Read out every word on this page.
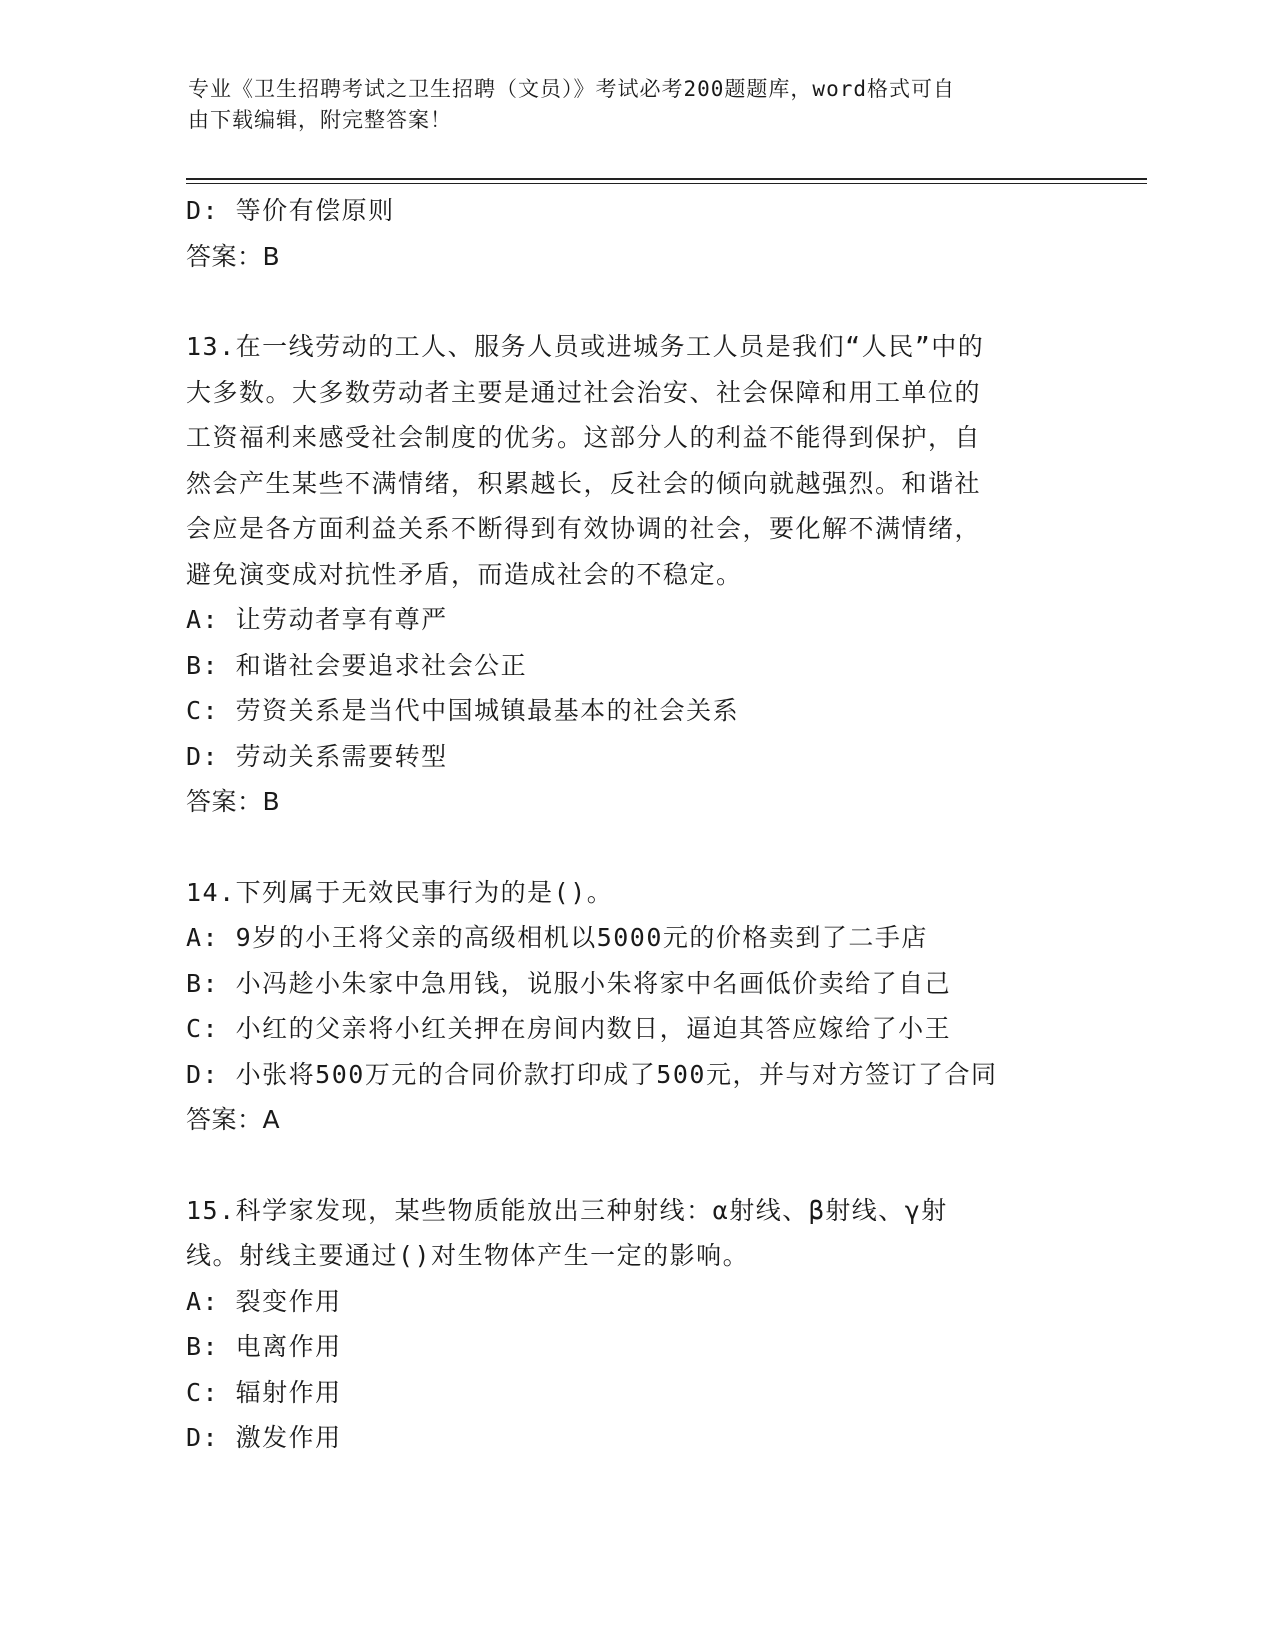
专业《卫生招聘考试之卫生招聘（文员）》考试必考200题题库，word格式可自
由下载编辑，附完整答案！
D: 等价有偿原则
答案：B
13.在一线劳动的工人、服务人员或进城务工人员是我们“人民”中的
大多数。大多数劳动者主要是通过社会治安、社会保障和用工单位的
工资福利来感受社会制度的优劣。这部分人的利益不能得到保护，自
然会产生某些不满情绪，积累越长，反社会的倾向就越强烈。和谐社
会应是各方面利益关系不断得到有效协调的社会，要化解不满情绪，
避免演变成对抗性矛盾，而造成社会的不稳定。
A: 让劳动者享有尊严
B: 和谐社会要追求社会公正
C: 劳资关系是当代中国城镇最基本的社会关系
D: 劳动关系需要转型
答案：B
14.下列属于无效民事行为的是()。
A: 9岁的小王将父亲的高级相机以5000元的价格卖到了二手店
B: 小冯趁小朱家中急用钱，说服小朱将家中名画低价卖给了自己
C: 小红的父亲将小红关押在房间内数日，逼迫其答应嫁给了小王
D: 小张将500万元的合同价款打印成了500元，并与对方签订了合同
答案：A
15.科学家发现，某些物质能放出三种射线：α射线、β射线、γ射
线。射线主要通过()对生物体产生一定的影响。
A: 裂变作用
B: 电离作用
C: 辐射作用
D: 激发作用
